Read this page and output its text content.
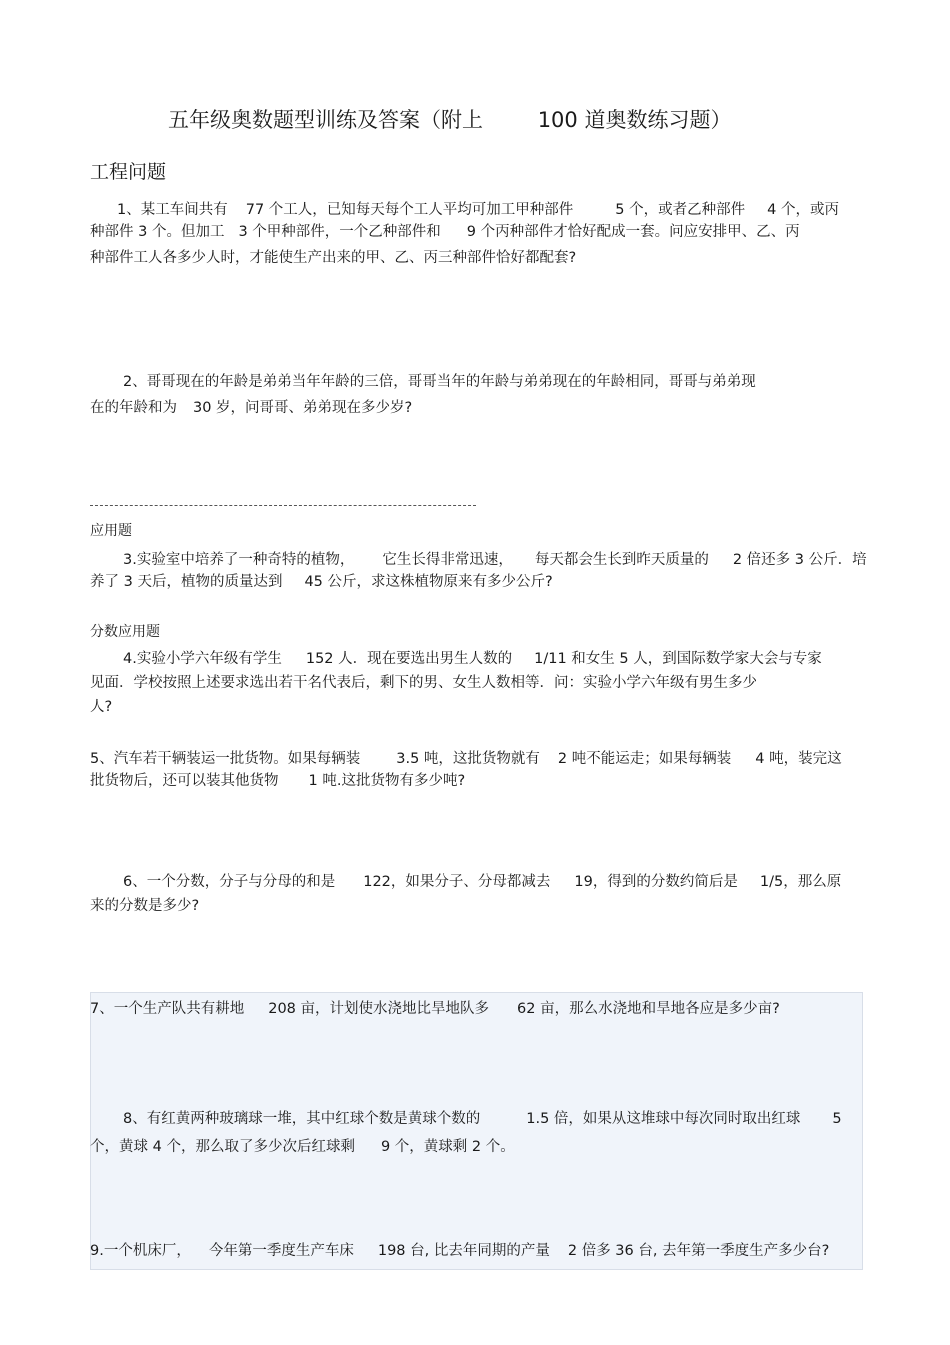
五年级奥数题型训练及答案（附上	100 道奥数练习题）
工程问题
1、某工车间共有 77 个工人，已知每天每个工人平均可加工甲种部件	5 个，或者乙种部件 4 个，或丙
种部件 3 个。但加工 3 个甲种部件，一个乙种部件和 9 个丙种部件才恰好配成一套。问应安排甲、乙、丙
种部件工人各多少人时，才能使生产出来的甲、乙、丙三种部件恰好都配套?
2、哥哥现在的年龄是弟弟当年年龄的三倍，哥哥当年的年龄与弟弟现在的年龄相同，哥哥与弟弟现
在的年龄和为 30 岁，问哥哥、弟弟现在多少岁?
应用题
3.实验室中培养了一种奇特的植物， 它生长得非常迅速， 每天都会生长到昨天质量的 2 倍还多 3 公斤．培
养了 3 天后，植物的质量达到 45 公斤，求这株植物原来有多少公斤?
分数应用题
4.实验小学六年级有学生 152 人．现在要选出男生人数的 1/11 和女生 5 人，到国际数学家大会与专家
见面．学校按照上述要求选出若干名代表后，剩下的男、女生人数相等．问：实验小学六年级有男生多少
人?
5、汽车若干辆装运一批货物。如果每辆装 3.5 吨，这批货物就有 2 吨不能运走；如果每辆装 4 吨，装完这
批货物后，还可以装其他货物 1 吨.这批货物有多少吨?
6、一个分数，分子与分母的和是 122，如果分子、分母都减去 19，得到的分数约简后是 1/5，那么原
来的分数是多少?
7、一个生产队共有耕地 208 亩，计划使水浇地比旱地队多 62 亩，那么水浇地和旱地各应是多少亩?
8、有红黄两种玻璃球一堆，其中红球个数是黄球个数的	1.5 倍，如果从这堆球中每次同时取出红球 5
个，黄球 4 个，那么取了多少次后红球剩 9 个，黄球剩 2 个。
9.一个机床厂， 今年第一季度生产车床 198 台, 比去年同期的产量 2 倍多 36 台, 去年第一季度生产多少台?
